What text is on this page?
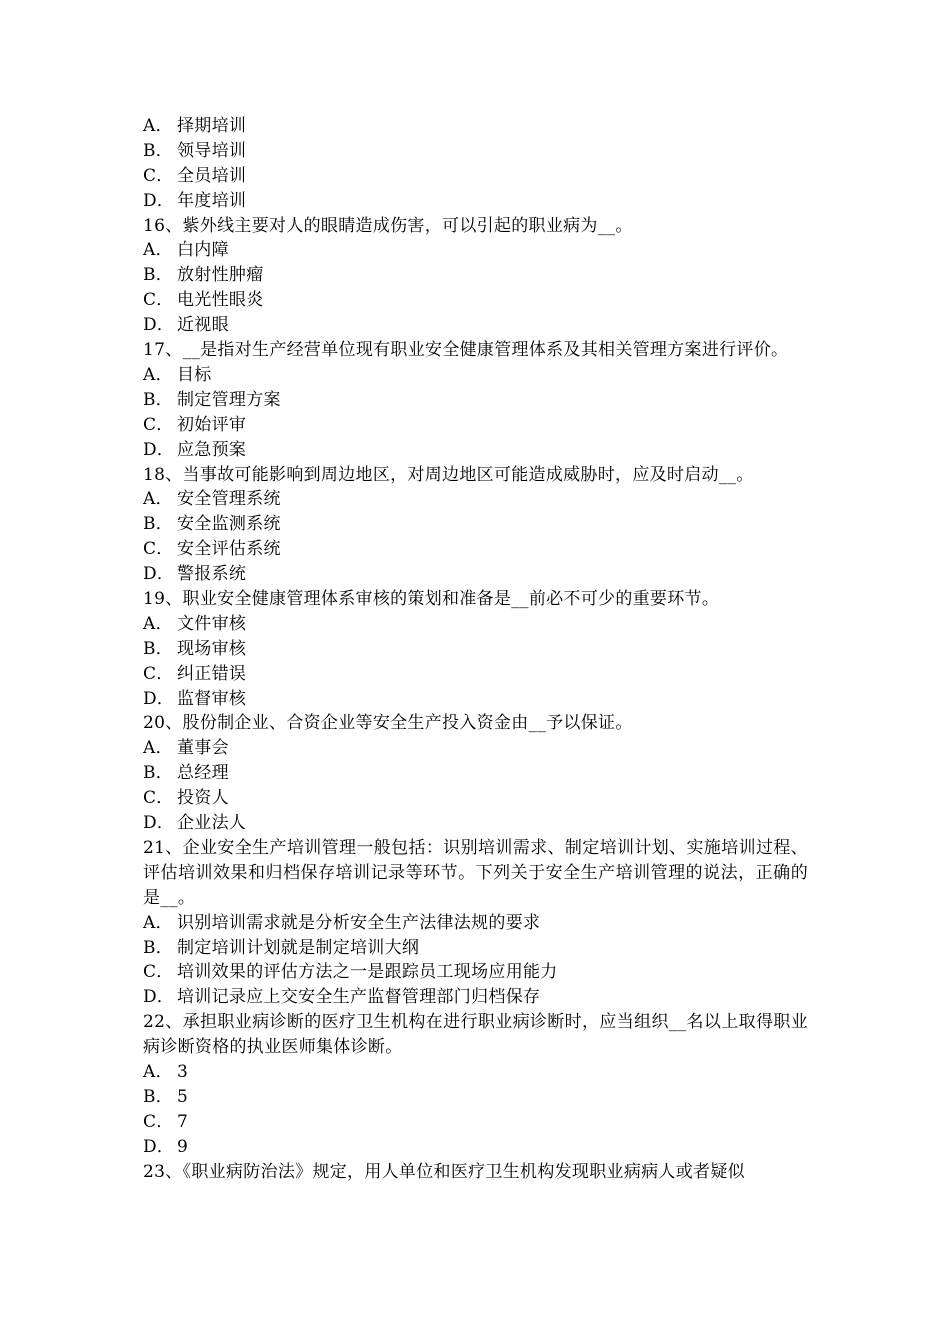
A． 择期培训
B． 领导培训
C． 全员培训
D． 年度培训
16、紫外线主要对人的眼睛造成伤害，可以引起的职业病为__。
A． 白内障
B． 放射性肿瘤
C． 电光性眼炎
D． 近视眼
17、__是指对生产经营单位现有职业安全健康管理体系及其相关管理方案进行评价。
A． 目标
B． 制定管理方案
C． 初始评审
D． 应急预案
18、当事故可能影响到周边地区，对周边地区可能造成威胁时，应及时启动__。
A． 安全管理系统
B． 安全监测系统
C． 安全评估系统
D． 警报系统
19、职业安全健康管理体系审核的策划和准备是__前必不可少的重要环节。
A． 文件审核
B． 现场审核
C． 纠正错误
D． 监督审核
20、股份制企业、合资企业等安全生产投入资金由__予以保证。
A． 董事会
B． 总经理
C． 投资人
D． 企业法人
21、企业安全生产培训管理一般包括：识别培训需求、制定培训计划、实施培训过程、评估培训效果和归档保存培训记录等环节。下列关于安全生产培训管理的说法，正确的是__。
A． 识别培训需求就是分析安全生产法律法规的要求
B． 制定培训计划就是制定培训大纲
C． 培训效果的评估方法之一是跟踪员工现场应用能力
D． 培训记录应上交安全生产监督管理部门归档保存
22、承担职业病诊断的医疗卫生机构在进行职业病诊断时，应当组织__名以上取得职业病诊断资格的执业医师集体诊断。
A． 3
B． 5
C． 7
D． 9
23、《职业病防治法》规定，用人单位和医疗卫生机构发现职业病病人或者疑似
